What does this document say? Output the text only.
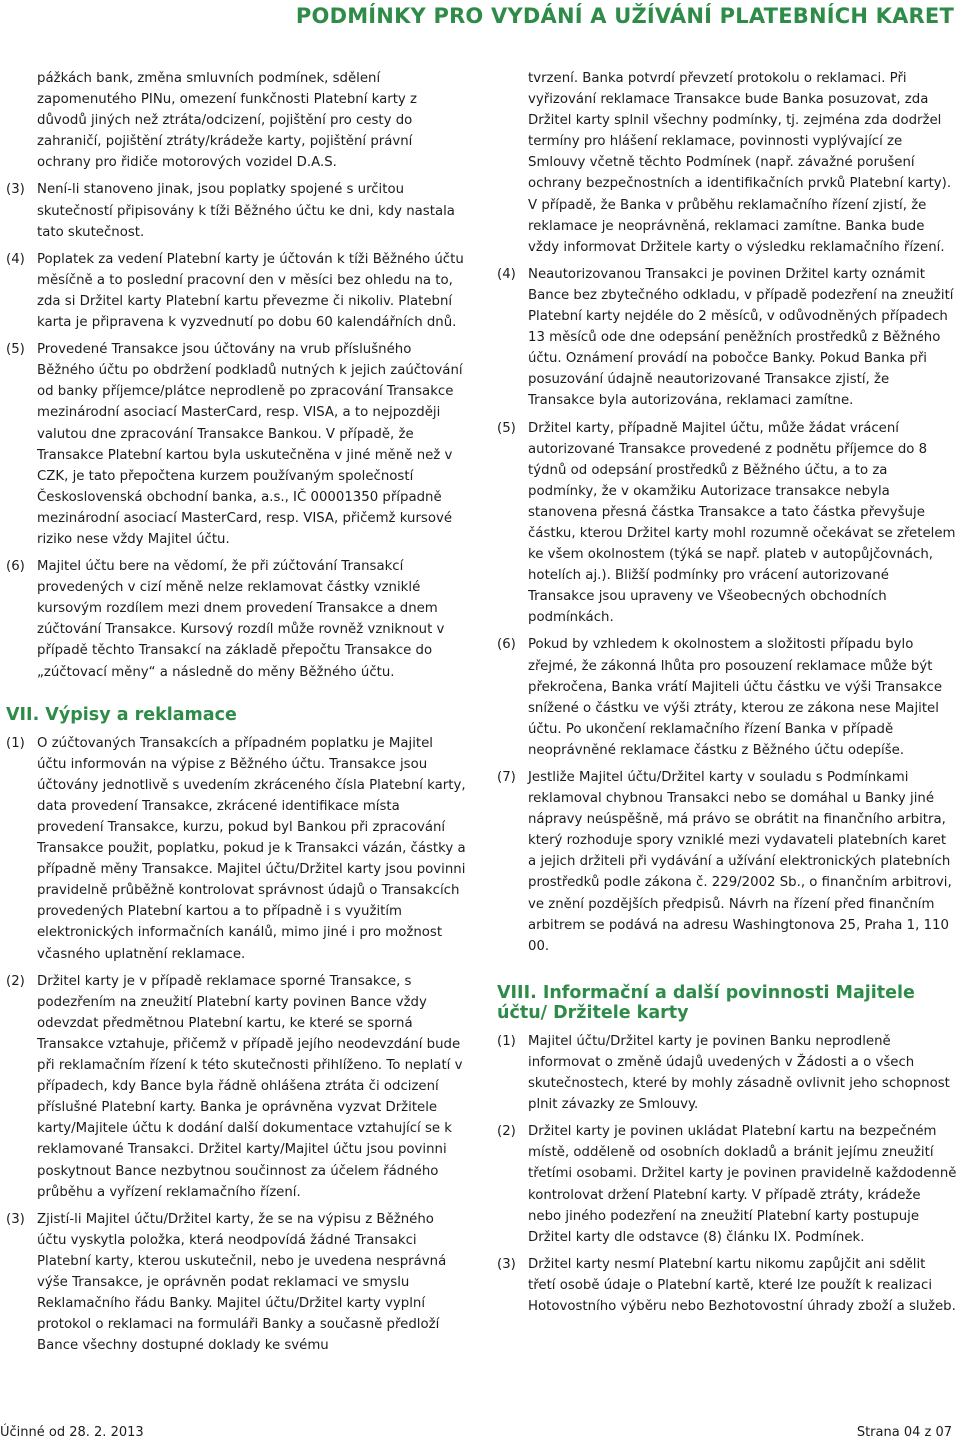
PODMÍNKY PRO VYDÁNÍ A UŽÍVÁNÍ PLATEBNÍCH KARET

pážkách bank, změna smluvních podmínek, sdělení zapomenutého PINu, omezení funkčnosti Platební karty z důvodů jiných než ztráta/odcizení, pojištění pro cesty do zahraničí, pojištění ztráty/krádeže karty, pojištění právní ochrany pro řidiče motorových vozidel D.A.S.

(3) Není-li stanoveno jinak, jsou poplatky spojené s určitou skutečností připisovány k tíži Běžného účtu ke dni, kdy nastala tato skutečnost.
(4) Poplatek za vedení Platební karty je účtován k tíži Běžného účtu měsíčně a to poslední pracovní den v měsíci bez ohledu na to, zda si Držitel karty Platební kartu převezme či nikoliv. Platební karta je připravena k vyzvednutí po dobu 60 kalendářních dnů.
(5) Provedené Transakce jsou účtovány na vrub příslušného Běžného účtu po obdržení podkladů nutných k jejich zaúčtování od banky příjemce/plátce neprodleně po zpracování Transakce mezinárodní asociací MasterCard, resp. VISA, a to nejpozději valutou dne zpracování Transakce Bankou. V případě, že Transakce Platební kartou byla uskutečněna v jiné měně než v CZK, je tato přepočtena kurzem používaným společností Československá obchodní banka, a.s., IČ 00001350 případně mezinárodní asociací MasterCard, resp. VISA, přičemž kursové riziko nese vždy Majitel účtu.
(6) Majitel účtu bere na vědomí, že při zúčtování Transakcí provedených v cizí měně nelze reklamovat částky vzniklé kursovým rozdílem mezi dnem provedení Transakce a dnem zúčtování Transakce. Kursový rozdíl může rovněž vzniknout v případě těchto Transakcí na základě přepočtu Transakce do „zúčtovací měny“ a následně do měny Běžného účtu.
VII. Výpisy a reklamace
(1) O zúčtovaných Transakcích a případném poplatku je Majitel účtu informován na výpise z Běžného účtu. Transakce jsou účtovány jednotlivě s uvedením zkráceného čísla Platební karty, data provedení Transakce, zkrácené identifikace místa provedení Transakce, kurzu, pokud byl Bankou při zpracování Transakce použit, poplatku, pokud je k Transakci vázán, částky a případně měny Transakce. Majitel účtu/Držitel karty jsou povinni pravidelně průběžně kontrolovat správnost údajů o Transakcích provedených Platební kartou a to případně i s využitím elektronických informačních kanálů, mimo jiné i pro možnost včasného uplatnění reklamace.
(2) Držitel karty je v případě reklamace sporné Transakce, s podezřením na zneužití Platební karty povinen Bance vždy odevzdat předmětnou Platební kartu, ke které se sporná Transakce vztahuje, přičemž v případě jejího neodevzdání bude při reklamačním řízení k této skutečnosti přihlíženo. To neplatí v případech, kdy Bance byla řádně ohlášena ztráta či odcizení příslušné Platební karty. Banka je oprávněna vyzvat Držitele karty/Majitele účtu k dodání další dokumentace vztahující se k reklamované Transakci. Držitel karty/Majitel účtu jsou povinni poskytnout Bance nezbytnou součinnost za účelem řádného průběhu a vyřízení reklamačního řízení.
(3) Zjistí-li Majitel účtu/Držitel karty, že se na výpisu z Běžného účtu vyskytla položka, která neodpovídá žádné Transakci Platební karty, kterou uskutečnil, nebo je uvedena nesprávná výše Transakce, je oprávněn podat reklamaci ve smyslu Reklamačního řádu Banky. Majitel účtu/Držitel karty vyplní protokol o reklamaci na formuláři Banky a současně předloží Bance všechny dostupné doklady ke svému

tvrzení. Banka potvrdí převzetí protokolu o reklamaci. Při vyřizování reklamace Transakce bude Banka posuzovat, zda Držitel karty splnil všechny podmínky, tj. zejména zda dodržel termíny pro hlášení reklamace, povinnosti vyplývající ze Smlouvy včetně těchto Podmínek (např. závažné porušení ochrany bezpečnostních a identifikačních prvků Platební karty). V případě, že Banka v průběhu reklamačního řízení zjistí, že reklamace je neoprávněná, reklamaci zamítne. Banka bude vždy informovat Držitele karty o výsledku reklamačního řízení.

(4) Neautorizovanou Transakci je povinen Držitel karty oznámit Bance bez zbytečného odkladu, v případě podezření na zneužití Platební karty nejdéle do 2 měsíců, v odůvodněných případech 13 měsíců ode dne odepsání peněžních prostředků z Běžného účtu. Oznámení provádí na pobočce Banky. Pokud Banka při posuzování údajně neautorizované Transakce zjistí, že Transakce byla autorizována, reklamaci zamítne.
(5) Držitel karty, případně Majitel účtu, může žádat vrácení autorizované Transakce provedené z podnětu příjemce do 8 týdnů od odepsání prostředků z Běžného účtu, a to za podmínky, že v okamžiku Autorizace transakce nebyla stanovena přesná částka Transakce a tato částka převyšuje částku, kterou Držitel karty mohl rozumně očekávat se zřetelem ke všem okolnostem (týká se např. plateb v autopůjčovnách, hotelích aj.). Bližší podmínky pro vrácení autorizované Transakce jsou upraveny ve Všeobecných obchodních podmínkách.
(6) Pokud by vzhledem k okolnostem a složitosti případu bylo zřejmé, že zákonná lhůta pro posouzení reklamace může být překročena, Banka vrátí Majiteli účtu částku ve výši Transakce snížené o částku ve výši ztráty, kterou ze zákona nese Majitel účtu. Po ukončení reklamačního řízení Banka v případě neoprávněné reklamace částku z Běžného účtu odepíše.
(7) Jestliže Majitel účtu/Držitel karty v souladu s Podmínkami reklamoval chybnou Transakci nebo se domáhal u Banky jiné nápravy neúspěšně, má právo se obrátit na finančního arbitra, který rozhoduje spory vzniklé mezi vydavateli platebních karet a jejich držiteli při vydávání a užívání elektronických platebních prostředků podle zákona č. 229/2002 Sb., o finančním arbitrovi, ve znění pozdějších předpisů. Návrh na řízení před finančním arbitrem se podává na adresu Washingtonova 25, Praha 1, 110 00.
VIII. Informační a další povinnosti Majitele účtu/ Držitele karty
(1) Majitel účtu/Držitel karty je povinen Banku neprodleně informovat o změně údajů uvedených v Žádosti a o všech skutečnostech, které by mohly zásadně ovlivnit jeho schopnost plnit závazky ze Smlouvy.
(2) Držitel karty je povinen ukládat Platební kartu na bezpečném místě, odděleně od osobních dokladů a bránit jejímu zneužití třetími osobami. Držitel karty je povinen pravidelně každodenně kontrolovat držení Platební karty. V případě ztráty, krádeže nebo jiného podezření na zneužití Platební karty postupuje Držitel karty dle odstavce (8) článku IX. Podmínek.
(3) Držitel karty nesmí Platební kartu nikomu zapůjčit ani sdělit třetí osobě údaje o Platební kartě, které lze použít k realizaci Hotovostního výběru nebo Bezhotovostní úhrady zboží a služeb.
Účinné od 28. 2. 2013	Strana 04 z 07
